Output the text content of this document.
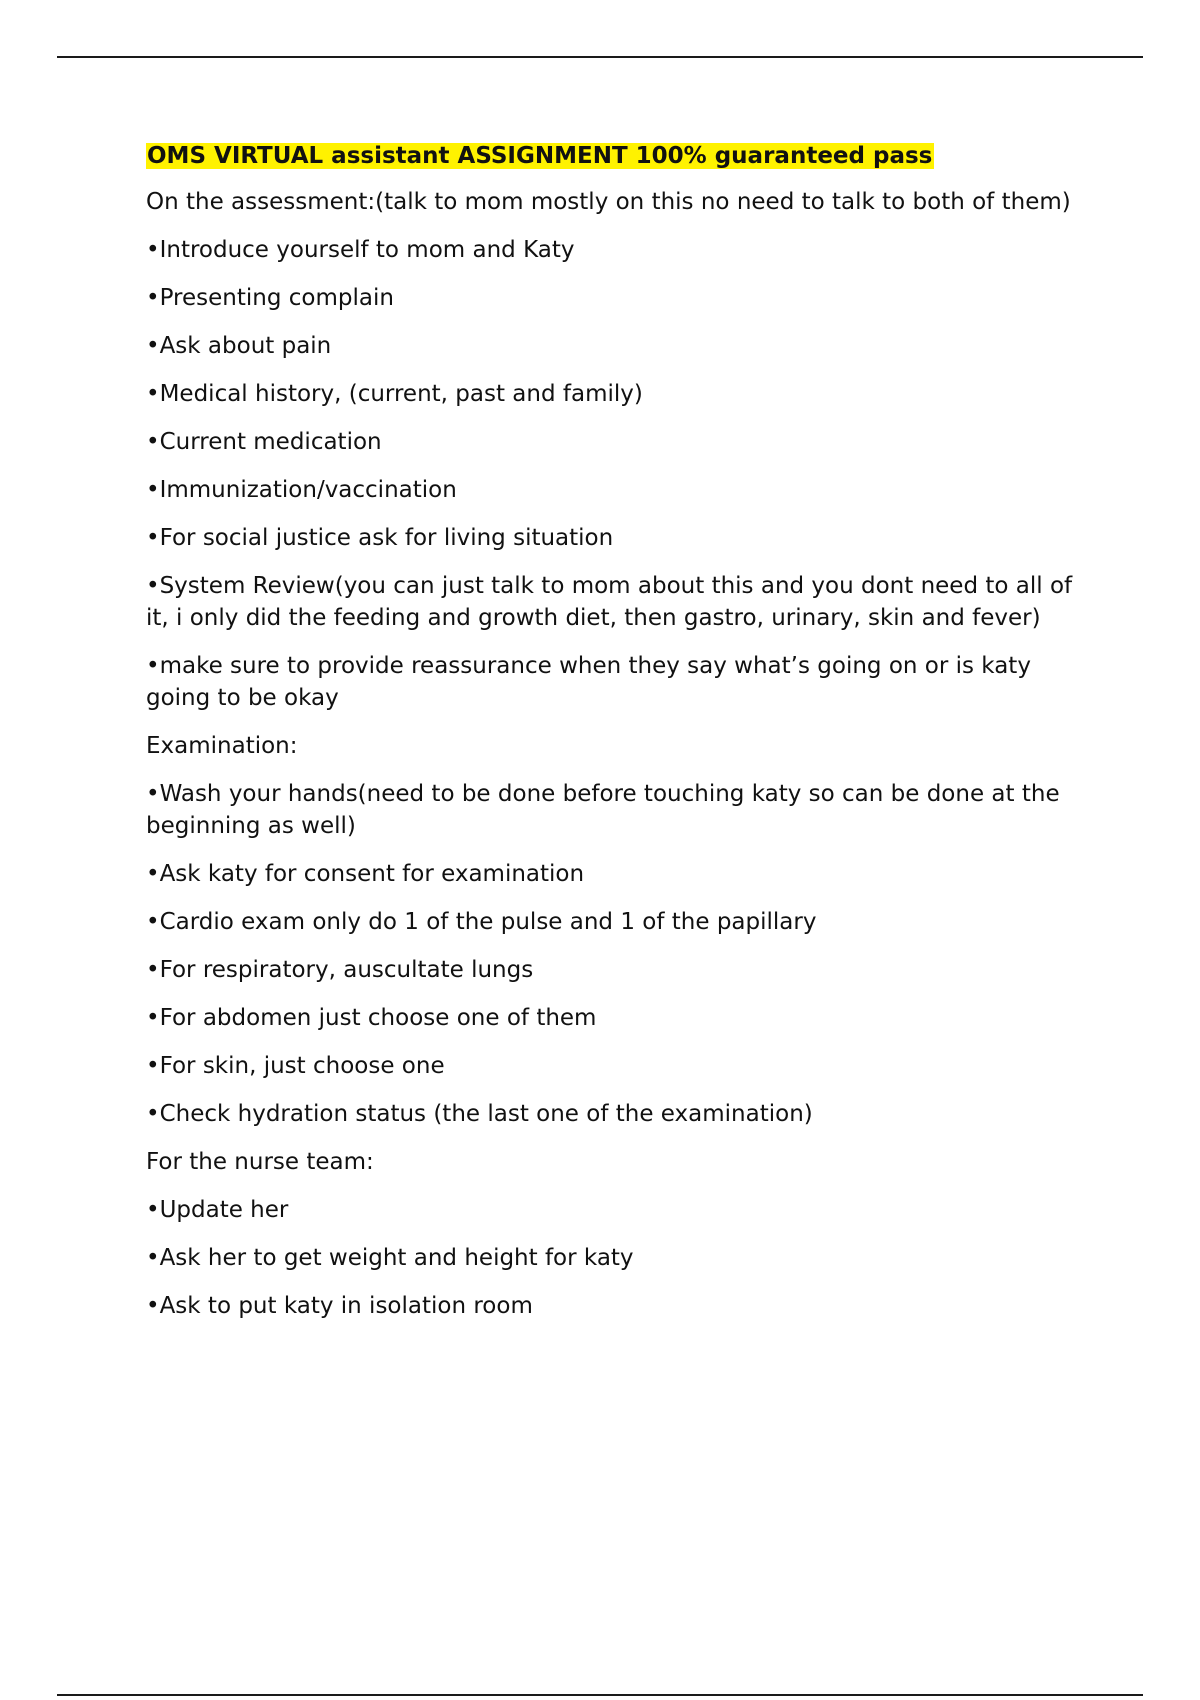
OMS VIRTUAL assistant ASSIGNMENT 100% guaranteed pass

On the assessment:(talk to mom mostly on this no need to talk to both of them)

• Introduce yourself to mom and Katy

• Presenting complain

• Ask about pain

• Medical history, (current, past and family)

• Current medication

• Immunization/vaccination

• For social justice ask for living situation

• System Review(you can just talk to mom about this and you dont need to all of it, i only did the feeding and growth diet, then gastro, urinary, skin and fever)

• make sure to provide reassurance when they say what’s going on or is katy going to be okay

Examination:

• Wash your hands(need to be done before touching katy so can be done at the beginning as well)

• Ask katy for consent for examination

• Cardio exam only do 1 of the pulse and 1 of the papillary

• For respiratory, auscultate lungs

• For abdomen just choose one of them

• For skin, just choose one

• Check hydration status (the last one of the examination)

For the nurse team:

• Update her

• Ask her to get weight and height for katy

• Ask to put katy in isolation room
